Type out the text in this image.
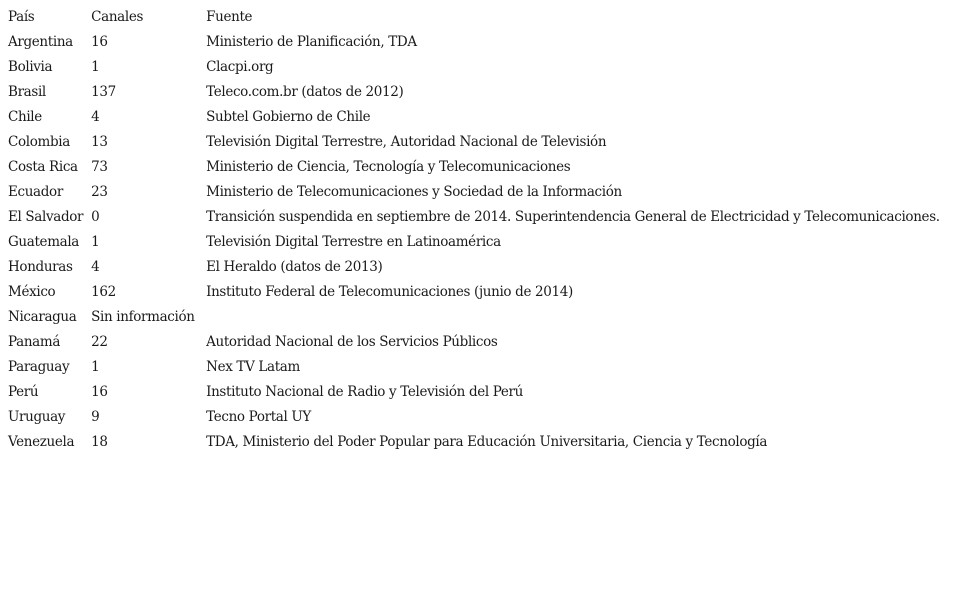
País	Canales	Fuente
Argentina	16	Ministerio de Planificación, TDA
Bolivia	1	Clacpi.org
Brasil	137	Teleco.com.br (datos de 2012)
Chile	4	Subtel Gobierno de Chile
Colombia	13	Televisión Digital Terrestre, Autoridad Nacional de Televisión
Costa Rica	73	Ministerio de Ciencia, Tecnología y Telecomunicaciones
Ecuador	23	Ministerio de Telecomunicaciones y Sociedad de la Información
El Salvador	0	Transición suspendida en septiembre de 2014. Superintendencia General de Electricidad y Telecomunicaciones.
Guatemala	1	Televisión Digital Terrestre en Latinoamérica
Honduras	4	El Heraldo (datos de 2013)
México	162	Instituto Federal de Telecomunicaciones (junio de 2014)
Nicaragua	Sin información	
Panamá	22	Autoridad Nacional de los Servicios Públicos
Paraguay	1	Nex TV Latam
Perú	16	Instituto Nacional de Radio y Televisión del Perú
Uruguay	9	Tecno Portal UY
Venezuela	18	TDA, Ministerio del Poder Popular para Educación Universitaria, Ciencia y Tecnología
